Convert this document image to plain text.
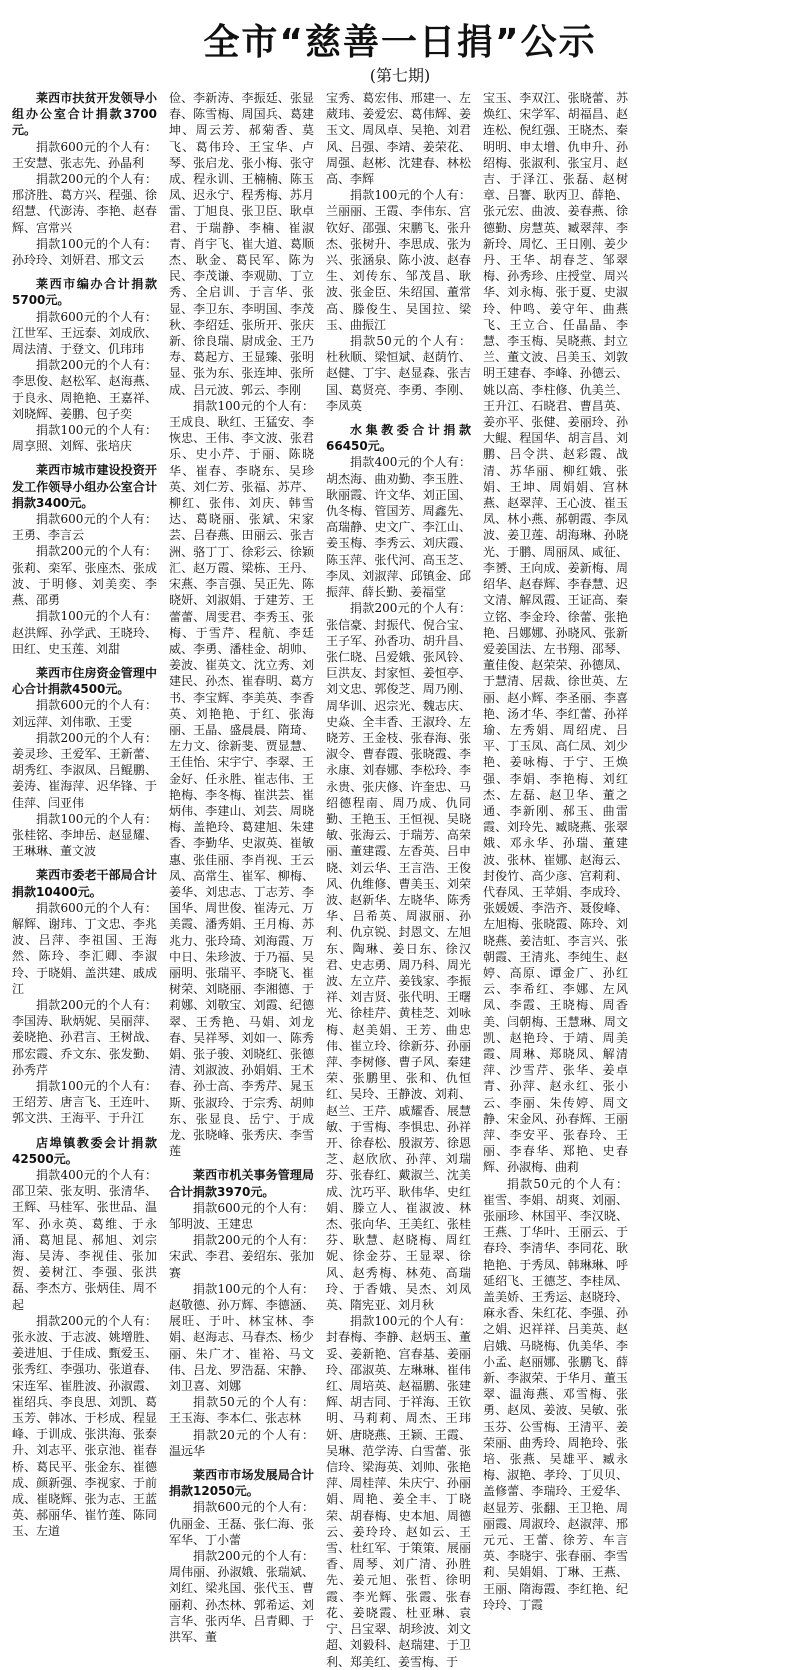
全市“慈善一日捐”公示
(第七期)

莱西市扶贫开发领导小组办公室合计捐款3700元。

捐款600元的个人有：王安慧、张志先、孙晶利

捐款200元的个人有：邢济胜、葛方兴、程强、徐绍慧、代澎涛、李艳、赵春辉、宫常兴

捐款100元的个人有：孙玲玲、刘妍君、邢文云

莱西市编办合计捐款5700元。

捐款600元的个人有：江世军、王远泰、刘成欣、周法清、于登文、仉玮玮

捐款200元的个人有：李思俊、赵松军、赵海燕、于良永、周艳艳、王嘉祥、刘晓辉、姜鹏、包子奕

捐款100元的个人有：周享照、刘辉、张培庆

莱西市城市建设投资开发工作领导小组办公室合计捐款3400元。

捐款600元的个人有：王勇、李言云

捐款200元的个人有：张莉、栾军、张座杰、张成波、于明修、刘美奕、李燕、邵勇

捐款100元的个人有：赵洪辉、孙学武、王晓玲、田红、史玉莲、刘甜

莱西市住房资金管理中心合计捐款4500元。

捐款600元的个人有：刘远萍、刘伟歌、王雯

捐款200元的个人有：姜灵珍、王爱军、王新蕾、胡秀红、李淑凤、吕鲲鹏、姜涛、崔海萍、迟华锋、于佳萍、闫亚伟

捐款100元的个人有：张桂铭、李坤岳、赵显耀、王琳琳、董文波

莱西市委老干部局合计捐款10400元。

捐款600元的个人有：解辉、谢玮、丁文忠、李兆波、吕萍、李祖国、王海然、陈玲、李汇卿、李淑玲、于晓娟、盖洪建、戚成江

捐款200元的个人有：李国涛、耿炳妮、吴丽萍、姜晓艳、孙君言、王树战、邢宏霞、乔文东、张发勤、孙秀芹

捐款100元的个人有：王绍芳、唐言飞、王连叶、郭文洪、王海平、于升江

店埠镇教委会计捐款42500元。

捐款400元的个人有：邵卫荣、张友明、张清华、王辉、马桂军、张世品、温军、孙永英、葛维、于永涌、葛旭昆、郝旭、刘宗海、吴涛、李视佳、张加贺、姜树江、李强、张洪磊、李杰方、张炳佳、周不起

捐款200元的个人有：张永波、于志波、姚增胜、姜进旭、于佳成、甄爱玉、张秀红、李强功、张道春、宋连军、崔胜波、孙淑霞、崔绍兵、李良思、刘凯、葛玉芳、韩冰、于杉成、程显峰、于训成、张洪海、张泰升、刘志平、张京池、崔春桥、葛民平、张金东、崔德成、颜新强、李视家、于前成、崔晓辉、张为志、王蓝英、郝丽华、崔竹莲、陈同玉、左道

俭、李新涛、李振廷、张显春、陈雪梅、周国兵、葛建坤、周云芳、郝菊香、莫飞、葛伟玲、王宝华、卢琴、张启龙、张小梅、张守成、程永训、王楠楠、陈玉凤、迟永宁、程秀梅、苏月雷、丁旭良、张卫臣、耿卓君、于瑞静、李楠、崔淑青、肖宇飞、崔大道、葛顺杰、耿金、葛民军、陈为民、李茂谦、李观勋、丁立秀、全启训、于言华、张显、李卫东、李明国、李茂秋、李绍廷、张所开、张庆新、徐良瑞、尉成金、王乃寿、葛起方、王显臻、张明显、张为东、张连坤、张所成、吕元波、郭云、李刚

捐款100元的个人有：王成良、耿红、王猛安、李恢忠、王伟、李文波、张君乐、史小芹、于丽、陈晓华、崔春、李晓东、吴珍英、刘仁芳、张福、苏芹、柳红、张伟、刘庆、韩雪达、葛晓丽、张斌、宋家芸、吕春燕、田丽云、张吉洲、骆丁丁、徐彩云、徐颖汇、赵万霞、梁栋、王丹、宋燕、李言强、吴正先、陈晓妍、刘淑娟、于建芳、王蕾蕾、周雯君、李秀玉、张梅、于雪芹、程航、李廷威、李勇、潘桂金、胡帅、姜波、崔英文、沈立秀、刘建民、孙杰、崔春明、葛方书、李宝辉、李美英、李香英、刘艳艳、于红、张海丽、王晶、盛晨晨、隋琦、左力文、徐新斐、贾显慧、王佳怡、宋宇宁、李翠、王金好、任永胜、崔志伟、王艳梅、李冬梅、崔洪芸、崔炳伟、李建山、刘芸、周晓梅、盖艳玲、葛建旭、朱建香、李勤华、史淑英、崔敏惠、张佳丽、李肖视、王云凤、高常生、崔军、柳梅、姜华、刘忠志、丁志芳、李国华、周世俊、崔涛元、万美霞、潘秀娟、王月梅、苏兆力、张玲琦、刘海霞、万中日、朱珍波、于乃福、吴丽明、张瑞平、李晓飞、崔树荣、刘晓丽、李湘德、于莉娜、刘敬宝、刘霞、纪德翠、王秀艳、马娟、刘龙春、吴祥琴、刘如一、陈秀娟、张子骏、刘晓红、张德清、刘淑波、孙娟娟、王术春、孙士高、李秀芹、晁玉斯、张淑玲、于宗秀、胡帅东、张显良、岳宁、于成龙、张晓峰、张秀庆、李雪莲

莱西市机关事务管理局合计捐款3970元。

捐款600元的个人有：邹明波、王建忠

捐款200元的个人有：宋武、李君、姜绍东、张加赛

捐款100元的个人有：赵敬德、孙万辉、李德涵、展旺、于叶、林宝林、李娟、赵海志、马春杰、杨少丽、朱广才、崔裕、马文伟、吕龙、罗浩磊、宋静、刘卫喜、刘娜

捐款50元的个人有：王玉海、李本仁、张志林

捐款20元的个人有：温远华

莱西市市场发展局合计捐款12050元。

捐款600元的个人有：仇丽金、王磊、张仁海、张军华、丁小蕾

捐款200元的个人有：周伟丽、孙淑娥、张瑞斌、刘红、梁兆国、张代玉、曹丽莉、孙杰林、郭希运、刘言华、张丙华、吕青卿、于洪军、董

宝秀、葛宏伟、邢建一、左葳玮、姜爱宏、葛伟辉、姜玉文、周凤卓、吴艳、刘君风、吕强、李靖、姜荣花、周强、赵彬、沈建春、林松高、李辉

捐款100元的个人有：兰丽丽、王霞、李伟东、宫钦好、邵强、宋鹏飞、张升杰、张树升、李思成、张为兴、张涵泉、陈小波、赵春生、刘传东、邹茂昌、耿波、张金臣、朱绍国、董常高、滕俊生、吴国拉、梁玉、曲振江

捐款50元的个人有：杜秋顺、梁恒斌、赵荫竹、赵健、丁宇、赵显森、张吉国、葛贤亮、李勇、李刚、李凤英

水集教委合计捐款66450元。

捐款400元的个人有：胡杰海、曲劝勤、李玉胜、耿丽霞、许文华、刘正国、仇冬梅、管国芳、周鑫先、高瑞静、史文广、李江山、姜玉梅、李秀云、刘庆霞、陈玉萍、张代河、高玉芝、李凤、刘淑萍、邱镇金、邱振萍、薛长勤、姜福堂

捐款200元的个人有：张信豪、封振代、倪合宝、王子军、孙香功、胡升昌、张仁晓、吕爱娥、张风铃、巨洪友、封家恒、姜恒亭、刘文忠、郭俊芝、周乃刚、周华训、迟宗光、魏志庆、史焱、全丰香、王淑玲、左晓芳、王金枝、张春海、张淑令、曹春霞、张晓霞、李永康、刘春娜、李松玲、李永贵、张庆修、许奎忠、马绍德程南、周乃成、仇同勤、王艳玉、王恒视、吴晓敏、张海云、于瑞芳、高荣丽、董建霞、左香英、吕申晓、刘云华、王言浩、王俊风、仇维修、曹美玉、刘荣波、赵新华、左晓华、陈秀华、吕希英、周淑丽、孙利、仇京锐、封恩文、左旭东、陶琳、姜日东、徐汉君、史志勇、周乃科、周光波、左立芹、姜钱家、李振祥、刘吉贤、张代明、王曙光、徐桂芹、黄桂芝、刘咏梅、赵美娟、王芳、曲忠伟、崔立玲、徐新芬、孙丽萍、李树修、曹子风、秦建荣、张鹏里、张和、仇恒红、吴玲、王静波、刘莉、赵兰、王芹、戚耀香、展慧敏、于雪梅、李惧忠、孙祥开、徐春松、殷淑芳、徐恩芝、赵欣欣、孙萍、刘瑞芬、张春红、戴淑兰、沈美成、沈巧平、耿伟华、史红娟、滕立人、崔淑波、林杰、张向华、王美红、张桂芬、耿慧、赵晓梅、周红妮、徐金芬、王显翠、徐风、赵秀梅、林苑、高瑞玲、于香娥、吴杰、刘凤英、隋宪亚、刘月秋

捐款100元的个人有：封春梅、李静、赵炳玉、董妥、姜新艳、宫春基、姜丽玲、邵淑英、左琳琳、崔伟红、周培英、赵福鹏、张建辉、胡吉同、于祥海、王钦明、马莉莉、周杰、王玮妍、唐晓燕、王颖、王霞、吴琳、范学涛、白雪蕾、张信玲、梁海英、刘帅、张艳萍、周桂萍、朱庆宁、孙丽娟、周艳、姜全丰、丁晓荣、胡春梅、史本旭、周德云、姜玲玲、赵如云、王雪、杜红军、于策策、展丽香、周琴、刘广清、孙胜先、姜元旭、张哲、徐明霞、李光辉、张霞、张春花、姜晓霞、杜亚琳、袁宁、吕宝翠、胡珍波、刘文超、刘毅科、赵瑞建、于卫利、郑美红、姜雪梅、于

宝玉、李双江、张晓蕾、苏焕红、宋学军、胡福昌、赵连松、倪红强、王晓杰、秦明明、申太增、仇申升、孙绍梅、张淑利、张宝月、赵吉、于泽江、张磊、赵树章、吕謇、耿丙卫、薛艳、张元宏、曲波、姜春燕、徐德勤、房慧英、臧翠萍、李新玲、周忆、王日刚、姜少丹、王华、胡春芝、邹翠梅、孙秀珍、庄授堂、周兴华、刘永梅、张于夏、史淑玲、仲鸣、姜守年、曲燕飞、王立合、任晶晶、李慧、李玉梅、吴晓燕、封立兰、董文波、吕美玉、刘敦明王建春、李峰、孙德云、姚以高、李柱修、仇美兰、王升江、石晓君、曹昌英、姜亦平、张健、姜丽玲、孙大鲲、程国华、胡言昌、刘鹏、吕令洪、赵彩霞、战清、苏华丽、柳红娥、张娟、王坤、周娟娟、宫林燕、赵翠萍、王心波、崔玉凤、林小燕、郝朝霞、李凤波、姜卫莲、胡海琳、孙晓光、于鹏、周丽凤、咸征、李赟、王向成、姜新梅、周绍华、赵春辉、李春慧、迟文清、解凤霞、王证高、秦立铭、李金玲、徐蕾、张艳艳、吕娜娜、孙晓风、张新爱姜国法、左书翔、邵琴、董佳俊、赵荣荣、孙德凤、于慧清、居裁、徐世英、左丽、赵小辉、李圣丽、李喜艳、汤才华、李红蕾、孙祥瑜、左秀娟、周绍虎、吕平、丁玉凤、高仁凤、刘少艳、姜咏梅、于宁、王焕强、李娟、李艳梅、刘红杰、左磊、赵卫华、董之通、李新刚、郝玉、曲雷霞、刘玲先、臧晓燕、张翠娥、邓永华、孙瑞、董建波、张林、崔娜、赵海云、封俊竹、高少彦、宫莉莉、代春凤、王苹娟、李成玲、张媛媛、李浩齐、聂俊峰、左旭梅、张晓霞、陈玲、刘晓燕、姜洁虹、李言兴、张朝霞、王清兆、李纯生、赵婷、高原、谭金广、孙红云、李希红、李娜、左风凤、李霞、王晓梅、周香美、闫朝梅、王慧琳、周文凯、赵艳玲、于靖、周美霞、周琳、郑晓凤、解清萍、沙雪芹、张华、姜卓青、孙萍、赵永红、张小云、李丽、朱传婷、周文静、宋金风、孙春辉、王丽萍、李安平、张春玲、王丽、李春华、郑艳、史春辉、孙淑梅、曲莉

捐款50元的个人有：崔雪、李娟、胡爽、刘丽、张丽珍、林国平、李汉晓、王燕、丁华叶、王丽云、于春玲、李清华、李同花、耿艳艳、于秀凤、韩琳琳、呼延绍飞、王德芝、李桂凤、盖美娇、王秀运、赵晓玲、麻永香、朱红花、李强、孙之娟、迟祥祥、吕美英、赵启娥、马晓梅、仇美华、李小孟、赵丽娜、张鹏飞、薛新、李淑荣、于华月、董玉翠、温海燕、邓雪梅、张勇、赵凤、姜波、吴敏、张玉芬、公雪梅、王清平、姜荣丽、曲秀玲、周艳玲、张培、张燕、吴雄平、臧永梅、淑艳、孝玲、丁贝贝、盖修蕾、李瑞玲、王爱华、赵显芳、张翻、王卫艳、周丽霞、周淑玲、赵淑萍、邢元元、王蕾、徐芳、车言英、李晓宇、张春丽、李雪莉、吴娟娟、丁琳、王燕、王丽、隋海霞、李红艳、纪玲玲、丁霞
